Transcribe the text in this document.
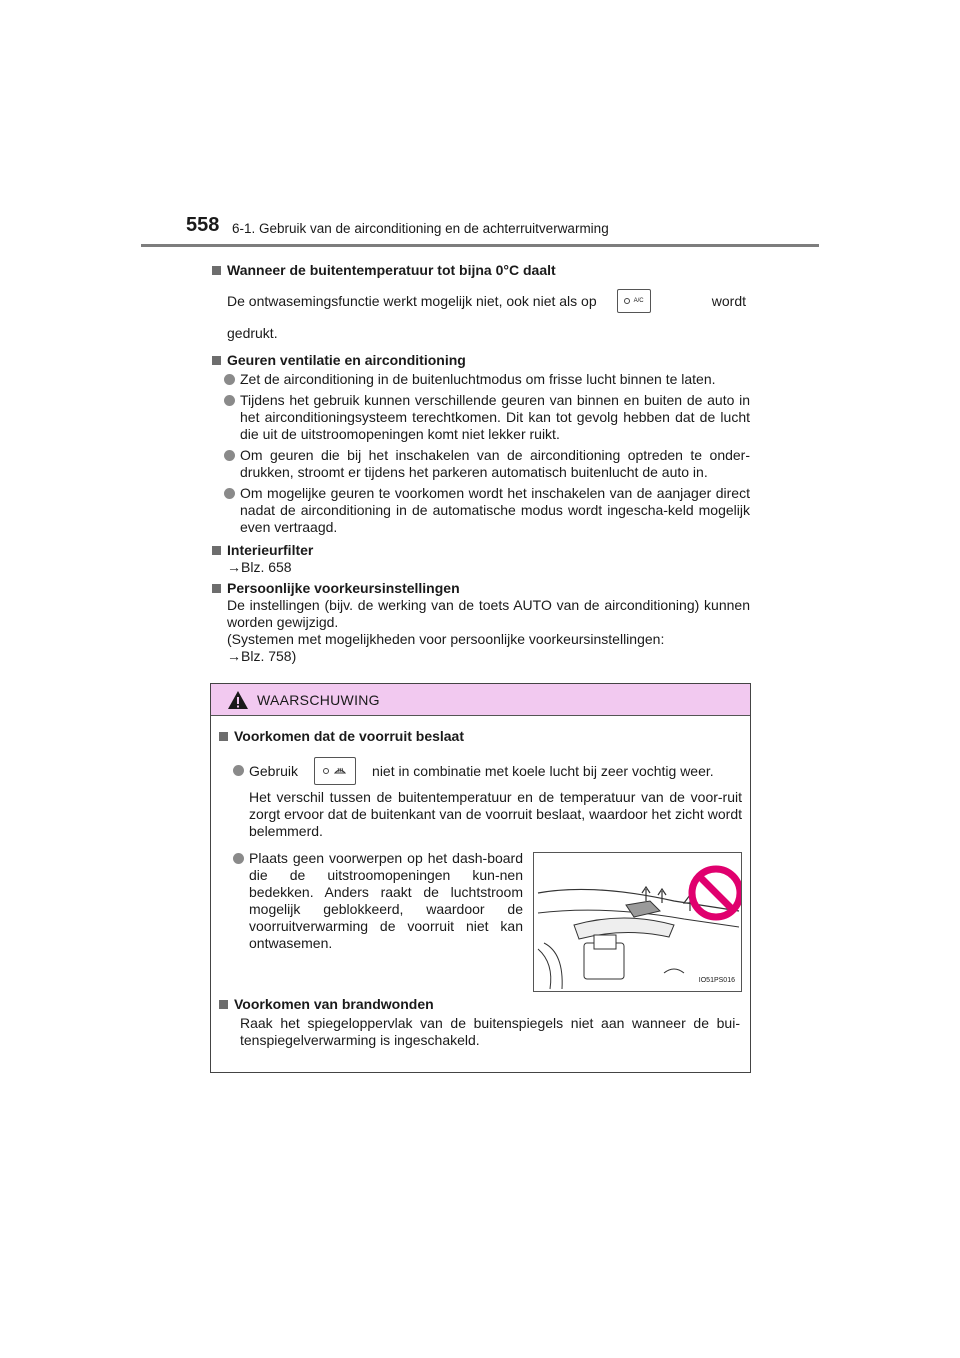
558 6-1. Gebruik van de airconditioning en de achterruitverwarming
Wanneer de buitentemperatuur tot bijna 0°C daalt
De ontwasemingsfunctie werkt mogelijk niet, ook niet als op	A/C	wordt
gedrukt.
Geuren ventilatie en airconditioning
Zet de airconditioning in de buitenluchtmodus om frisse lucht binnen te laten.
Tijdens het gebruik kunnen verschillende geuren van binnen en buiten de auto in het airconditioningsysteem terechtkomen. Dit kan tot gevolg hebben dat de lucht die uit de uitstroomopeningen komt niet lekker ruikt.
Om geuren die bij het inschakelen van de airconditioning optreden te onder-drukken, stroomt er tijdens het parkeren automatisch buitenlucht de auto in.
Om mogelijke geuren te voorkomen wordt het inschakelen van de aanjager direct nadat de airconditioning in de automatische modus wordt ingescha-keld mogelijk even vertraagd.
Interieurfilter
→Blz. 658
Persoonlijke voorkeursinstellingen
De instellingen (bijv. de werking van de toets AUTO van de airconditioning) kunnen worden gewijzigd.
(Systemen met mogelijkheden voor persoonlijke voorkeursinstellingen:
→Blz. 758)
WAARSCHUWING
Voorkomen dat de voorruit beslaat
Gebruik	niet in combinatie met koele lucht bij zeer vochtig weer.
Het verschil tussen de buitentemperatuur en de temperatuur van de voor-ruit zorgt ervoor dat de buitenkant van de voorruit beslaat, waardoor het zicht wordt belemmerd.
Plaats geen voorwerpen op het dash-board die de uitstroomopeningen kun-nen bedekken. Anders raakt de luchtstroom mogelijk geblokkeerd, waardoor de voorruitverwarming de voorruit niet kan ontwasemen.
IO51PS016
Voorkomen van brandwonden
Raak het spiegeloppervlak van de buitenspiegels niet aan wanneer de bui-tenspiegelverwarming is ingeschakeld.
